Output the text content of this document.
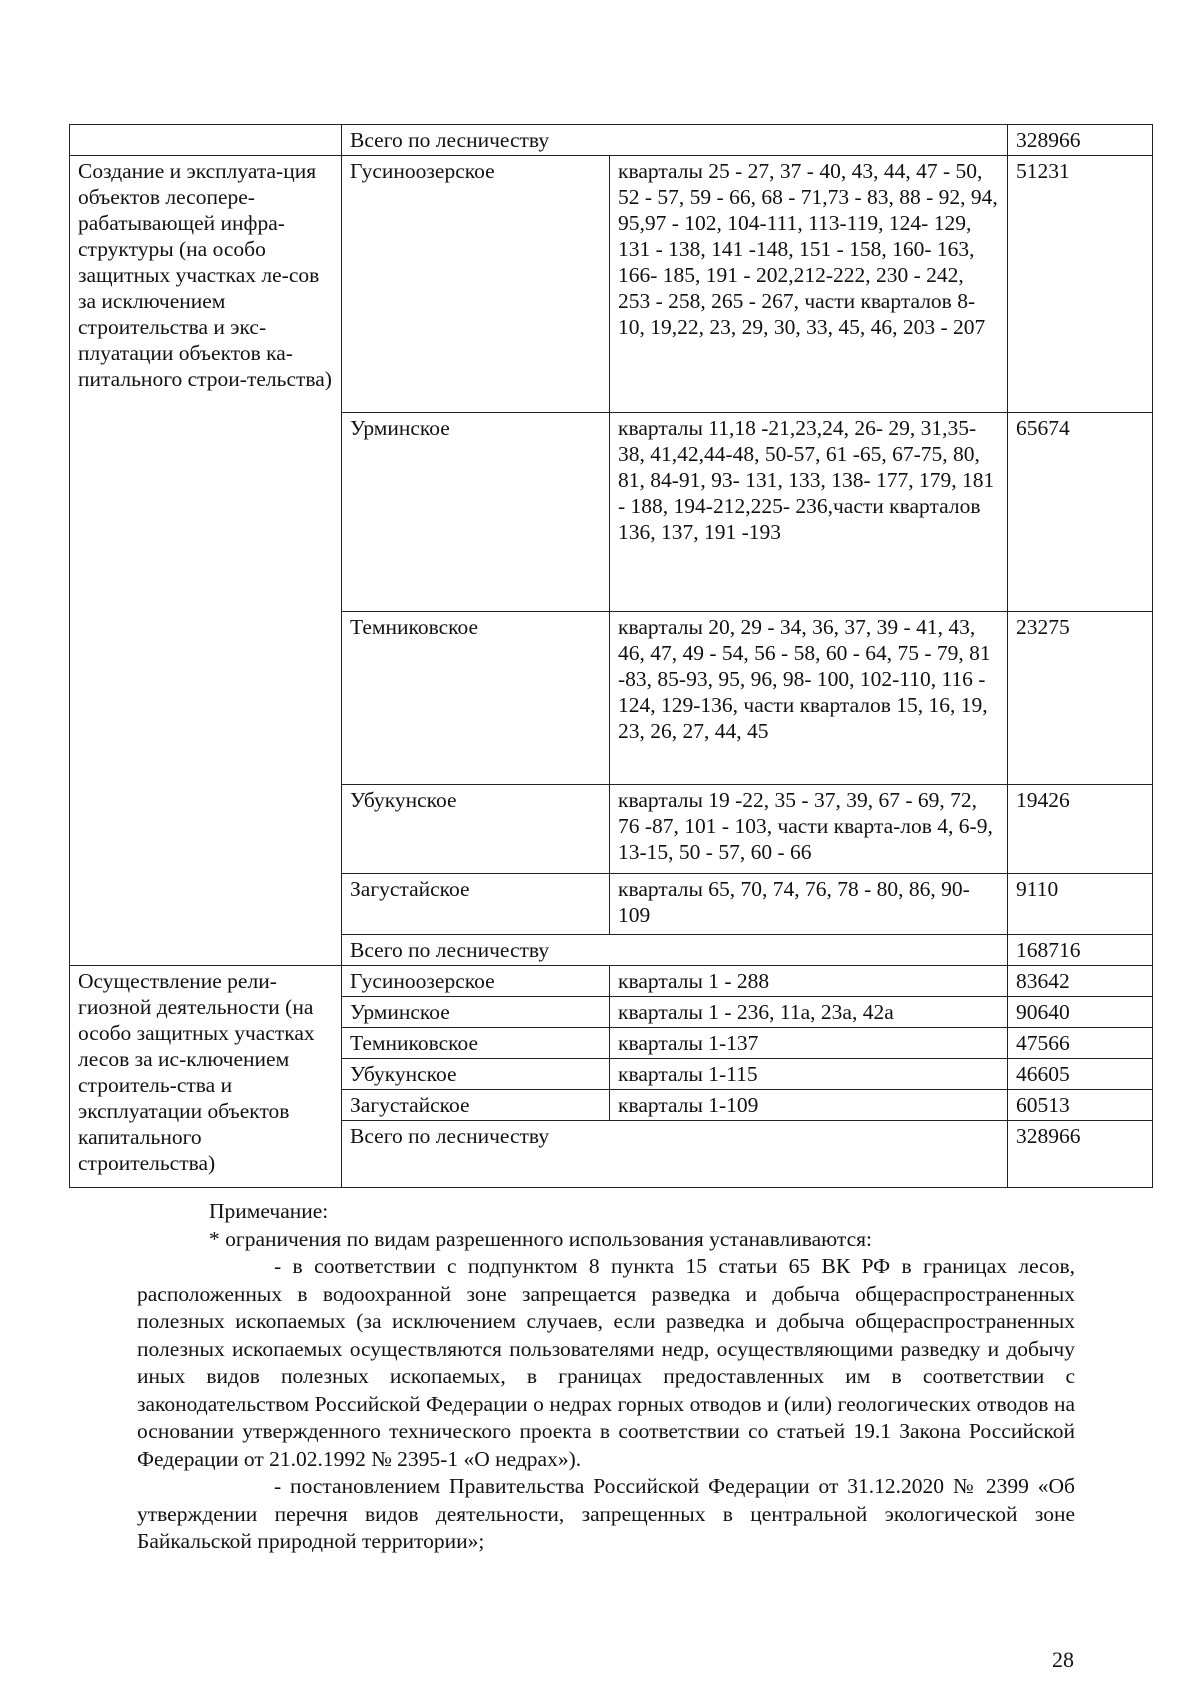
	Всего по лесничеству		328966
Создание и эксплуата-ция объектов лесопере-рабатывающей инфра-структуры (на особо защитных участках ле-сов за исключением строительства и экс-плуатации объектов ка-питального строи-тельства)	Гусиноозерское	кварталы 25 - 27, 37 - 40, 43, 44, 47 - 50, 52 - 57, 59 - 66, 68 - 71,73 - 83, 88 - 92, 94, 95,97 - 102, 104-111, 113-119, 124- 129, 131 - 138, 141 -148, 151 - 158, 160- 163, 166- 185, 191 - 202,212-222, 230 - 242, 253 - 258, 265 - 267, части кварталов 8-10, 19,22, 23, 29, 30, 33, 45, 46, 203 - 207	51231
	Урминское	кварталы 11,18 -21,23,24, 26- 29, 31,35-38, 41,42,44-48, 50-57, 61 -65, 67-75, 80, 81, 84-91, 93- 131, 133, 138- 177, 179, 181 - 188, 194-212,225- 236,части кварталов 136, 137, 191 -193	65674
	Темниковское	кварталы 20, 29 - 34, 36, 37, 39 - 41, 43, 46, 47, 49 - 54, 56 - 58, 60 - 64, 75 - 79, 81 -83, 85-93, 95, 96, 98- 100, 102-110, 116 - 124, 129-136, части кварталов 15, 16, 19, 23, 26, 27, 44, 45	23275
	Убукунское	кварталы 19 -22, 35 - 37, 39, 67 - 69, 72, 76 -87, 101 - 103, части кварта-лов 4, 6-9, 13-15, 50 - 57, 60 - 66	19426
	Загустайское	кварталы 65, 70, 74, 76, 78 - 80, 86, 90- 109	9110
	Всего по лесничеству		168716
Осуществление рели-гиозной деятельности (на особо защитных участках лесов за ис-ключением строитель-ства и эксплуатации объектов капитального строительства)	Гусиноозерское	кварталы 1 - 288	83642
	Урминское	кварталы 1 - 236, 11а, 23а, 42а	90640
	Темниковское	кварталы 1-137	47566
	Убукунское	кварталы 1-115	46605
	Загустайское	кварталы 1-109	60513
	Всего по лесничеству		328966

Примечание:

* ограничения по видам разрешенного использования устанавливаются:

- в соответствии с подпунктом 8 пункта 15 статьи 65 ВК РФ в границах лесов, расположенных в водоохранной зоне запрещается разведка и добыча общераспространенных полезных ископаемых (за исключением случаев, если разведка и добыча общераспространенных полезных ископаемых осуществляются пользователями недр, осуществляющими разведку и добычу иных видов полезных ископаемых, в границах предоставленных им в соответствии с законодательством Российской Федерации о недрах горных отводов и (или) геологических отводов на основании утвержденного технического проекта в соответствии со статьей 19.1 Закона Российской Федерации от 21.02.1992 № 2395-1 «О недрах»).

- постановлением Правительства Российской Федерации от 31.12.2020 № 2399 «Об утверждении перечня видов деятельности, запрещенных в центральной экологической зоне Байкальской природной территории»;

28
